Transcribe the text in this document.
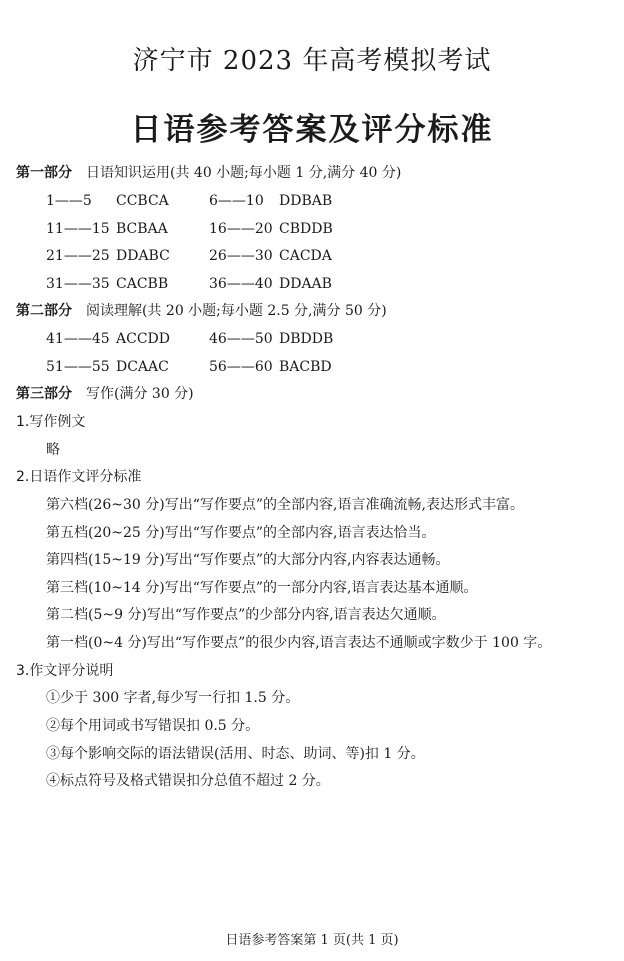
济宁市 2023 年高考模拟考试
日语参考答案及评分标准
第一部分 日语知识运用(共 40 小题;每小题 1 分,满分 40 分)
1——5 CCBCA	6——10 DDBAB
11——15 BCBAA	16——20 CBDDB
21——25 DDABC	26——30 CACDA
31——35 CACBB	36——40 DDAAB
第二部分 阅读理解(共 20 小题;每小题 2.5 分,满分 50 分)
41——45 ACCDD	46——50 DBDDB
51——55 DCAAC	56——60 BACBD
第三部分 写作(满分 30 分)
1.写作例文
略
2.日语作文评分标准
第六档(26~30 分)写出“写作要点”的全部内容,语言准确流畅,表达形式丰富。
第五档(20~25 分)写出“写作要点”的全部内容,语言表达恰当。
第四档(15~19 分)写出“写作要点”的大部分内容,内容表达通畅。
第三档(10~14 分)写出“写作要点”的一部分内容,语言表达基本通顺。
第二档(5~9 分)写出“写作要点”的少部分内容,语言表达欠通顺。
第一档(0~4 分)写出“写作要点”的很少内容,语言表达不通顺或字数少于 100 字。
3.作文评分说明
①少于 300 字者,每少写一行扣 1.5 分。
②每个用词或书写错误扣 0.5 分。
③每个影响交际的语法错误(活用、时态、助词、等)扣 1 分。
④标点符号及格式错误扣分总值不超过 2 分。
日语参考答案第 1 页(共 1 页)
